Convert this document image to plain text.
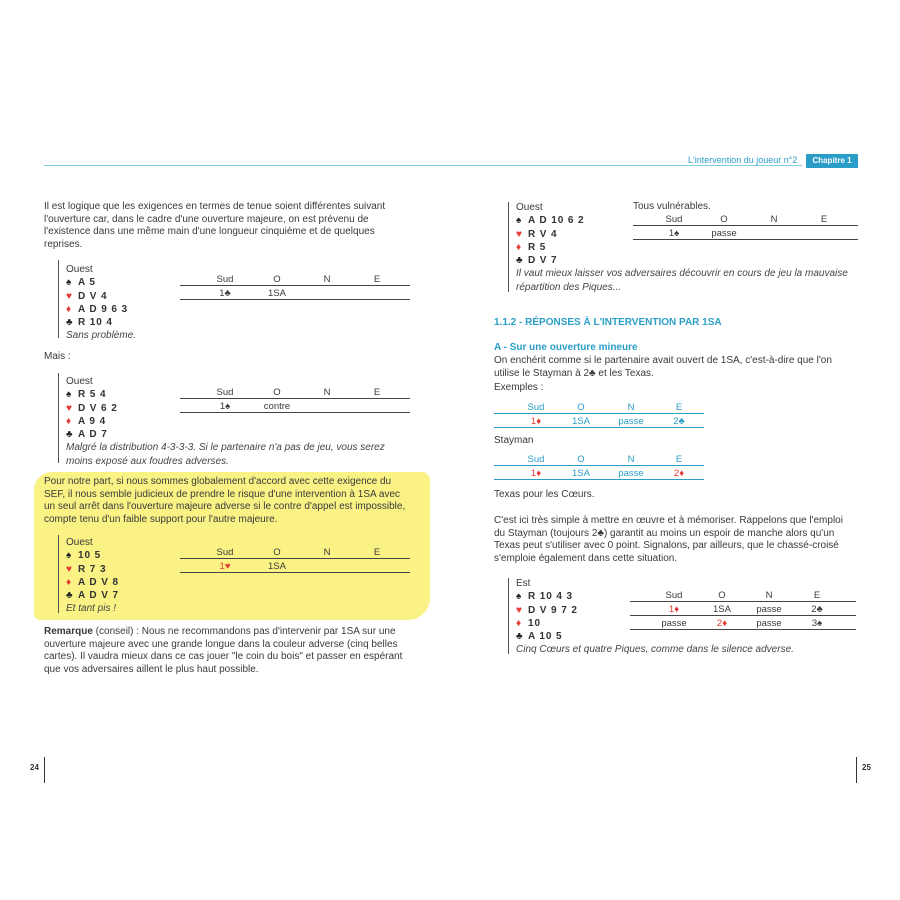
L'intervention du joueur n°2	Chapitre 1

Il est logique que les exigences en termes de tenue soient différentes suivant l'ouverture car, dans le cadre d'une ouverture majeure, on est prévenu de l'existence dans une même main d'une longueur cinquième et de quelques reprises.

Ouest
♠ A 5
♥ D V 4
♦ A D 9 6 3
♣ R 10 4
Sans problème.
Sud	O	N	E
1♣	1SA

Mais :

Ouest
♠ R 5 4
♥ D V 6 2
♦ A 9 4
♣ A D 7
Malgré la distribution 4-3-3-3. Si le partenaire n'a pas de jeu, vous serez moins exposé aux foudres adverses.
Sud	O	N	E
1♠	contre

Pour notre part, si nous sommes globalement d'accord avec cette exigence du SEF, il nous semble judicieux de prendre le risque d'une intervention à 1SA avec un seul arrêt dans l'ouverture majeure adverse si le contre d'appel est impossible, compte tenu d'un faible support pour l'autre majeure.

Ouest
♠ 10 5
♥ R 7 3
♦ A D V 8
♣ A D V 7
Et tant pis !
Sud	O	N	E
1♥	1SA

Remarque (conseil) : Nous ne recommandons pas d'intervenir par 1SA sur une ouverture majeure avec une grande longue dans la couleur adverse (cinq belles cartes). Il vaudra mieux dans ce cas jouer "le coin du bois" et passer en espérant que vos adversaires aillent le plus haut possible.

24
Ouest
♠ A D 10 6 2
♥ R V 4
♦ R 5
♣ D V 7
Il vaut mieux laisser vos adversaires découvrir en cours de jeu la mauvaise répartition des Piques...
Tous vulnérables.
Sud	O	N	E
1♠	passe
1.1.2 - RÉPONSES À L'INTERVENTION PAR 1SA
A - Sur une ouverture mineure

On enchérit comme si le partenaire avait ouvert de 1SA, c'est-à-dire que l'on utilise le Stayman à 2♣ et les Texas.

Exemples :

Sud	O	N	E
1♦	1SA	passe	2♣

Stayman

Sud	O	N	E
1♦	1SA	passe	2♦

Texas pour les Cœurs.

C'est ici très simple à mettre en œuvre et à mémoriser. Rappelons que l'emploi du Stayman (toujours 2♣) garantit au moins un espoir de manche alors qu'un Texas peut s'utiliser avec 0 point. Signalons, par ailleurs, que le chassé-croisé s'emploie également dans cette situation.

Est
♠ R 10 4 3
♥ D V 9 7 2
♦ 10
♣ A 10 5
Cinq Cœurs et quatre Piques, comme dans le silence adverse.
Sud	O	N	E
1♦	1SA	passe	2♣
passe	2♦	passe	3♠
25
